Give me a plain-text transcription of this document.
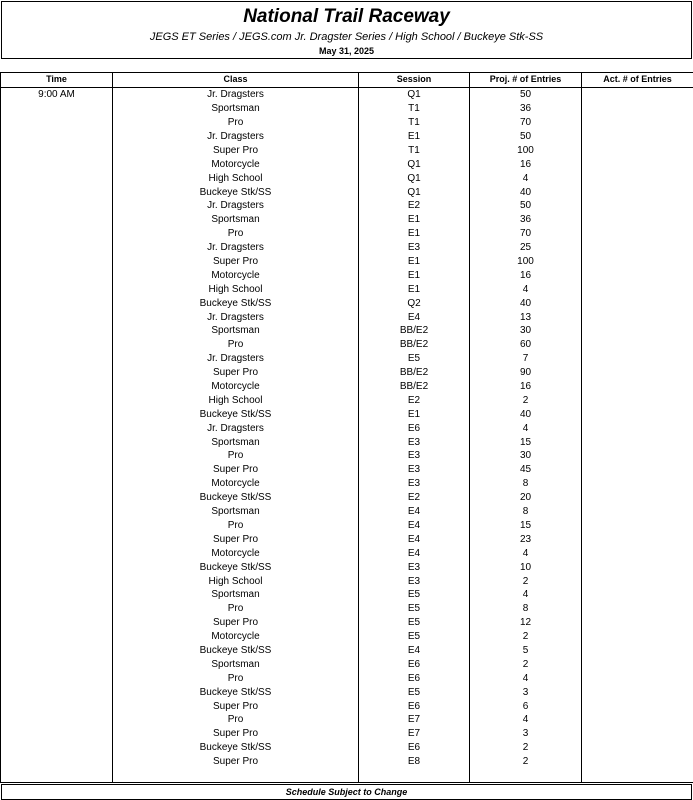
National Trail Raceway
JEGS ET Series / JEGS.com Jr. Dragster Series / High School / Buckeye Stk-SS
May 31, 2025
Time	Class	Session	Proj. # of Entries	Act. # of Entries
9:00 AM	Jr. Dragsters	Q1	50	
	Sportsman	T1	36	
	Pro	T1	70	
	Jr. Dragsters	E1	50	
	Super Pro	T1	100	
	Motorcycle	Q1	16	
	High School	Q1	4	
	Buckeye Stk/SS	Q1	40	
	Jr. Dragsters	E2	50	
	Sportsman	E1	36	
	Pro	E1	70	
	Jr. Dragsters	E3	25	
	Super Pro	E1	100	
	Motorcycle	E1	16	
	High School	E1	4	
	Buckeye Stk/SS	Q2	40	
	Jr. Dragsters	E4	13	
	Sportsman	BB/E2	30	
	Pro	BB/E2	60	
	Jr. Dragsters	E5	7	
	Super Pro	BB/E2	90	
	Motorcycle	BB/E2	16	
	High School	E2	2	
	Buckeye Stk/SS	E1	40	
	Jr. Dragsters	E6	4	
	Sportsman	E3	15	
	Pro	E3	30	
	Super Pro	E3	45	
	Motorcycle	E3	8	
	Buckeye Stk/SS	E2	20	
	Sportsman	E4	8	
	Pro	E4	15	
	Super Pro	E4	23	
	Motorcycle	E4	4	
	Buckeye Stk/SS	E3	10	
	High School	E3	2	
	Sportsman	E5	4	
	Pro	E5	8	
	Super Pro	E5	12	
	Motorcycle	E5	2	
	Buckeye Stk/SS	E4	5	
	Sportsman	E6	2	
	Pro	E6	4	
	Buckeye Stk/SS	E5	3	
	Super Pro	E6	6	
	Pro	E7	4	
	Super Pro	E7	3	
	Buckeye Stk/SS	E6	2	
	Super Pro	E8	2	

Schedule Subject to Change
